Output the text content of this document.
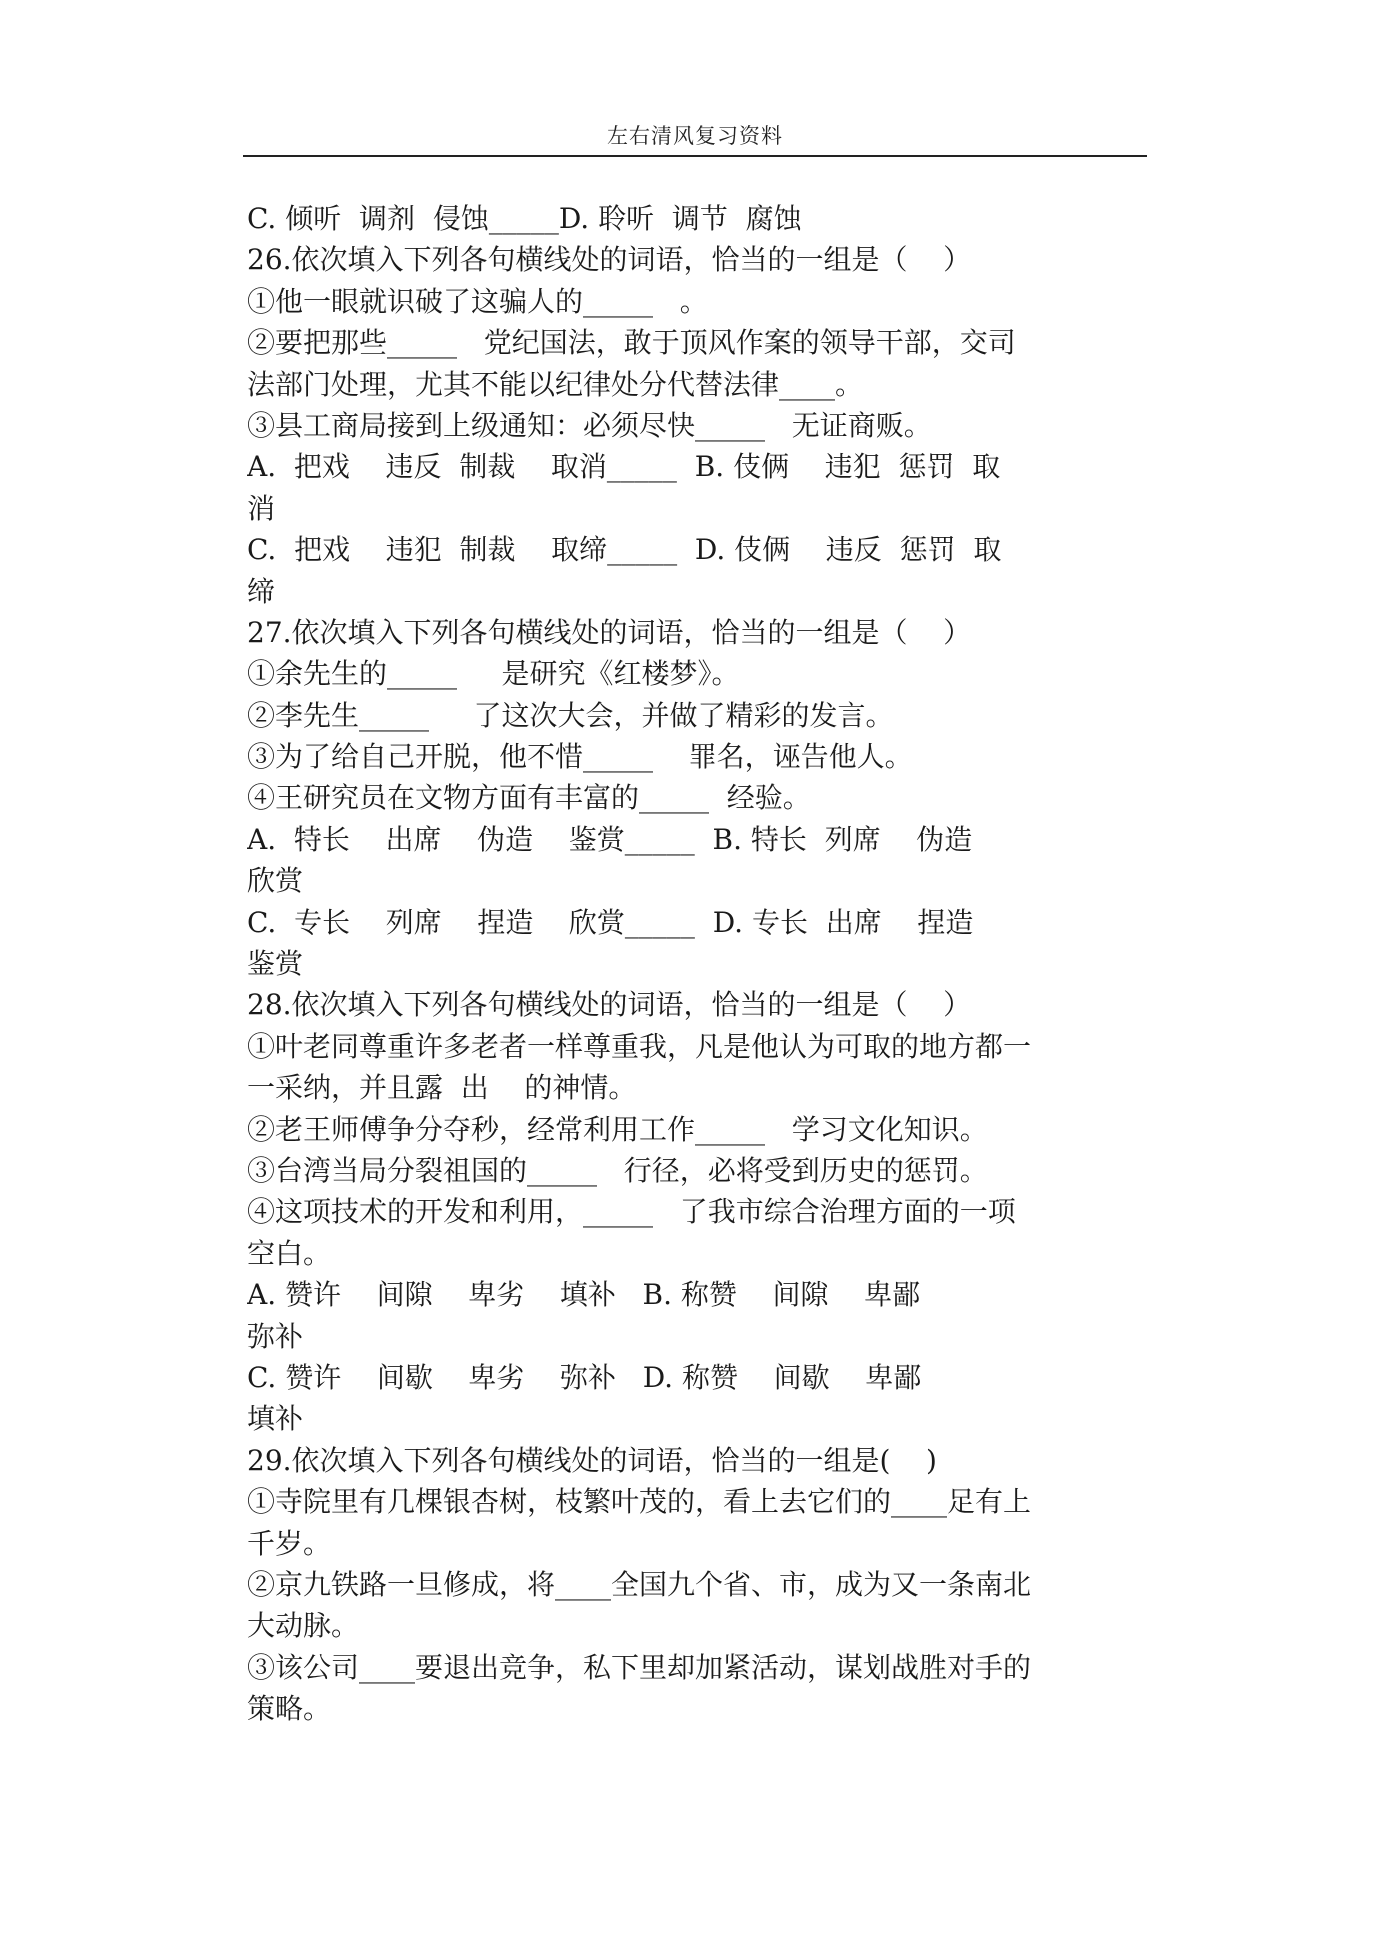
左右清风复习资料
C. 倾听  调剂  侵蚀_____D. 聆听  调节  腐蚀
26.依次填入下列各句横线处的词语，恰当的一组是（    ）
①他一眼就识破了这骗人的_____   。
②要把那些_____   党纪国法，敢于顶风作案的领导干部，交司
法部门处理，尤其不能以纪律处分代替法律____。
③县工商局接到上级通知：必须尽快_____   无证商贩。
A.  把戏    违反  制裁    取消_____  B. 伎俩    违犯  惩罚  取
消
C.  把戏    违犯  制裁    取缔_____  D. 伎俩    违反  惩罚  取
缔
27.依次填入下列各句横线处的词语，恰当的一组是（    ）
①余先生的_____     是研究《红楼梦》。
②李先生_____     了这次大会，并做了精彩的发言。
③为了给自己开脱，他不惜_____    罪名，诬告他人。
④王研究员在文物方面有丰富的_____  经验。
A.  特长    出席    伪造    鉴赏_____  B. 特长  列席    伪造
欣赏
C.  专长    列席    捏造    欣赏_____  D. 专长  出席    捏造
鉴赏
28.依次填入下列各句横线处的词语，恰当的一组是（    ）
①叶老同尊重许多老者一样尊重我，凡是他认为可取的地方都一
一采纳，并且露  出    的神情。
②老王师傅争分夺秒，经常利用工作_____   学习文化知识。
③台湾当局分裂祖国的_____   行径，必将受到历史的惩罚。
④这项技术的开发和利用，_____   了我市综合治理方面的一项
空白。
A. 赞许    间隙    卑劣    填补   B. 称赞    间隙    卑鄙
弥补
C. 赞许    间歇    卑劣    弥补   D. 称赞    间歇    卑鄙
填补
29.依次填入下列各句横线处的词语，恰当的一组是(    )
①寺院里有几棵银杏树，枝繁叶茂的，看上去它们的____足有上
千岁。
②京九铁路一旦修成，将____全国九个省、市，成为又一条南北
大动脉。
③该公司____要退出竞争，私下里却加紧活动，谋划战胜对手的
策略。
